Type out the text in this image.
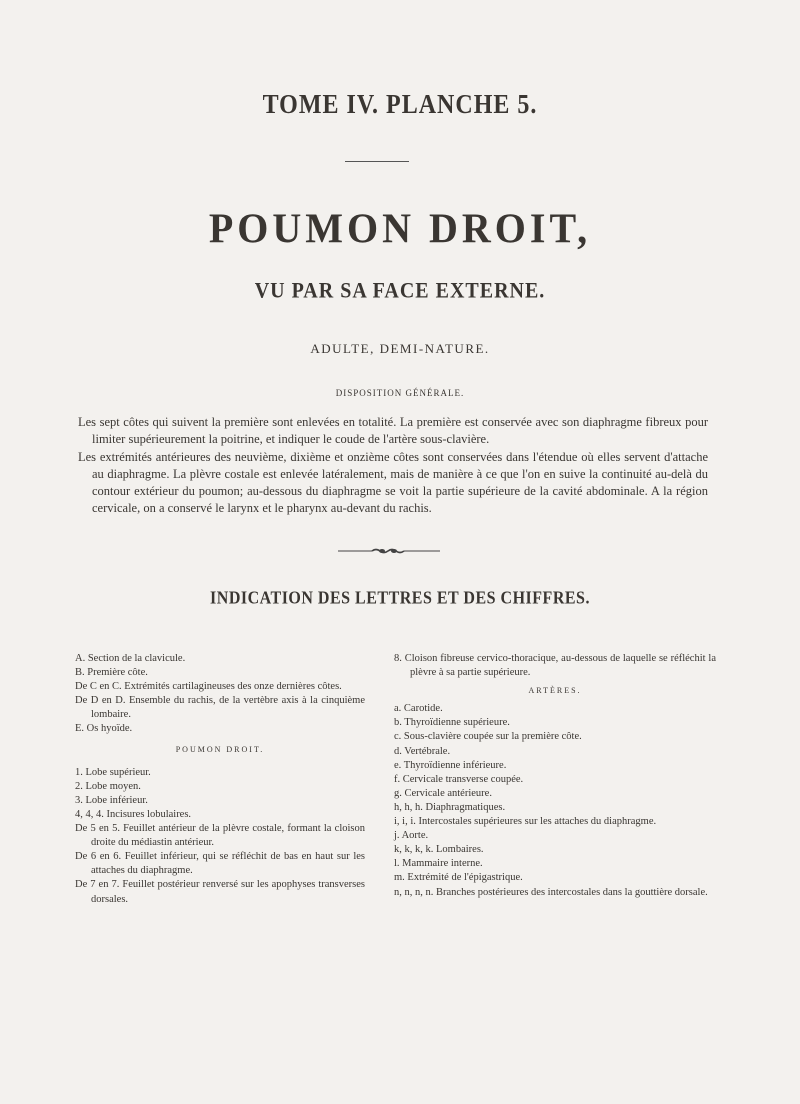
TOME IV. PLANCHE 5.
POUMON DROIT,
VU PAR SA FACE EXTERNE.
ADULTE, DEMI-NATURE.
DISPOSITION GÉNÉRALE.

Les sept côtes qui suivent la première sont enlevées en totalité. La première est conservée avec son diaphragme fibreux pour limiter supérieurement la poitrine, et indiquer le coude de l'artère sous-clavière.

Les extrémités antérieures des neuvième, dixième et onzième côtes sont conservées dans l'étendue où elles servent d'attache au diaphragme. La plèvre costale est enlevée latéralement, mais de manière à ce que l'on en suive la continuité au-delà du contour extérieur du poumon; au-dessous du diaphragme se voit la partie supérieure de la cavité abdominale. A la région cervicale, on a conservé le larynx et le pharynx au-devant du rachis.

INDICATION DES LETTRES ET DES CHIFFRES.

A. Section de la clavicule.

B. Première côte.

De C en C. Extrémités cartilagineuses des onze dernières côtes.

De D en D. Ensemble du rachis, de la vertèbre axis à la cinquième lombaire.

E. Os hyoïde.

POUMON DROIT.

1. Lobe supérieur.

2. Lobe moyen.

3. Lobe inférieur.

4, 4, 4. Incisures lobulaires.

De 5 en 5. Feuillet antérieur de la plèvre costale, formant la cloison droite du médiastin antérieur.

De 6 en 6. Feuillet inférieur, qui se réfléchit de bas en haut sur les attaches du diaphragme.

De 7 en 7. Feuillet postérieur renversé sur les apophyses transverses dorsales.

8. Cloison fibreuse cervico-thoracique, au-dessous de laquelle se réfléchit la plèvre à sa partie supérieure.

ARTÈRES.

a. Carotide.

b. Thyroïdienne supérieure.

c. Sous-clavière coupée sur la première côte.

d. Vertébrale.

e. Thyroïdienne inférieure.

f. Cervicale transverse coupée.

g. Cervicale antérieure.

h, h, h. Diaphragmatiques.

i, i, i. Intercostales supérieures sur les attaches du diaphragme.

j. Aorte.

k, k, k, k. Lombaires.

l. Mammaire interne.

m. Extrémité de l'épigastrique.

n, n, n, n. Branches postérieures des intercostales dans la gouttière dorsale.
